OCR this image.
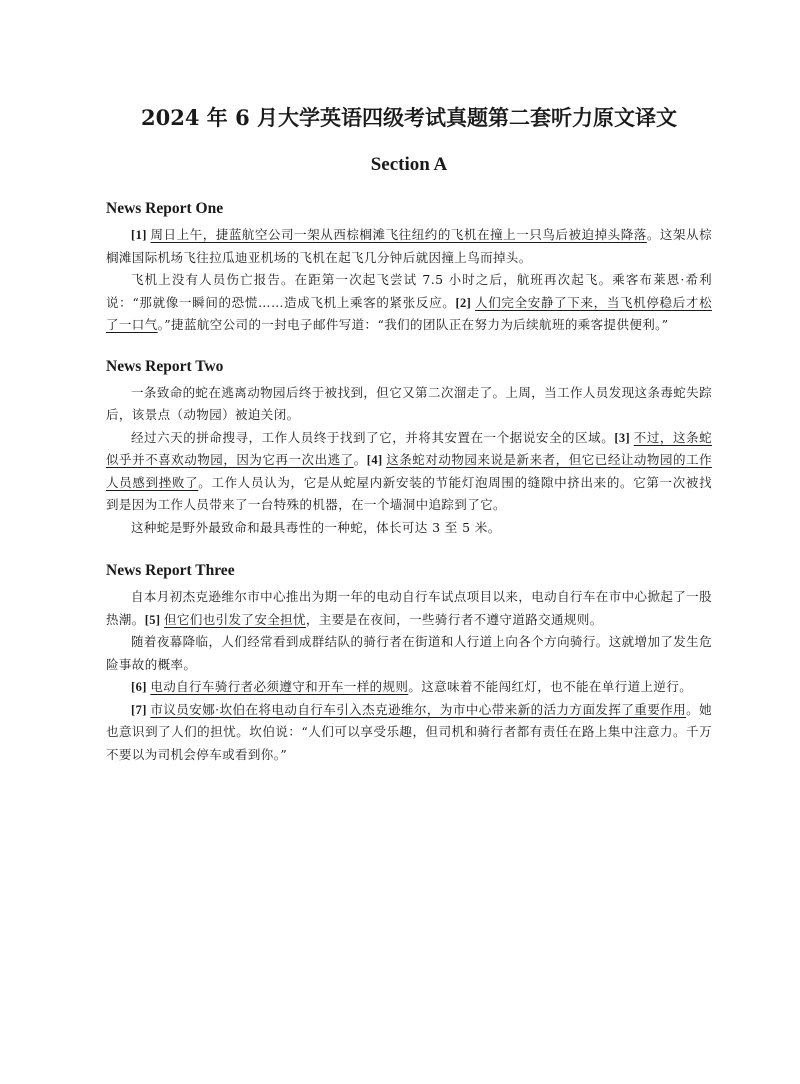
2024 年 6 月大学英语四级考试真题第二套听力原文译文
Section A
News Report One

[1] 周日上午，捷蓝航空公司一架从西棕榈滩飞往纽约的飞机在撞上一只鸟后被迫掉头降落。这架从棕榈滩国际机场飞往拉瓜迪亚机场的飞机在起飞几分钟后就因撞上鸟而掉头。

飞机上没有人员伤亡报告。在距第一次起飞尝试 7.5 小时之后，航班再次起飞。乘客布莱恩·希利说：“那就像一瞬间的恐慌……造成飞机上乘客的紧张反应。[2] 人们完全安静了下来，当飞机停稳后才松了一口气。”捷蓝航空公司的一封电子邮件写道：“我们的团队正在努力为后续航班的乘客提供便利。”

News Report Two

一条致命的蛇在逃离动物园后终于被找到，但它又第二次溜走了。上周，当工作人员发现这条毒蛇失踪后，该景点（动物园）被迫关闭。

经过六天的拼命搜寻，工作人员终于找到了它，并将其安置在一个据说安全的区域。[3] 不过，这条蛇似乎并不喜欢动物园，因为它再一次出逃了。[4] 这条蛇对动物园来说是新来者，但它已经让动物园的工作人员感到挫败了。工作人员认为，它是从蛇屋内新安装的节能灯泡周围的缝隙中挤出来的。它第一次被找到是因为工作人员带来了一台特殊的机器，在一个墙洞中追踪到了它。

这种蛇是野外最致命和最具毒性的一种蛇，体长可达 3 至 5 米。

News Report Three

自本月初杰克逊维尔市中心推出为期一年的电动自行车试点项目以来，电动自行车在市中心掀起了一股热潮。[5] 但它们也引发了安全担忧，主要是在夜间，一些骑行者不遵守道路交通规则。

随着夜幕降临，人们经常看到成群结队的骑行者在街道和人行道上向各个方向骑行。这就增加了发生危险事故的概率。

[6] 电动自行车骑行者必须遵守和开车一样的规则。这意味着不能闯红灯，也不能在单行道上逆行。

[7] 市议员安娜·坎伯在将电动自行车引入杰克逊维尔，为市中心带来新的活力方面发挥了重要作用。她也意识到了人们的担忧。坎伯说：“人们可以享受乐趣，但司机和骑行者都有责任在路上集中注意力。千万不要以为司机会停车或看到你。”
